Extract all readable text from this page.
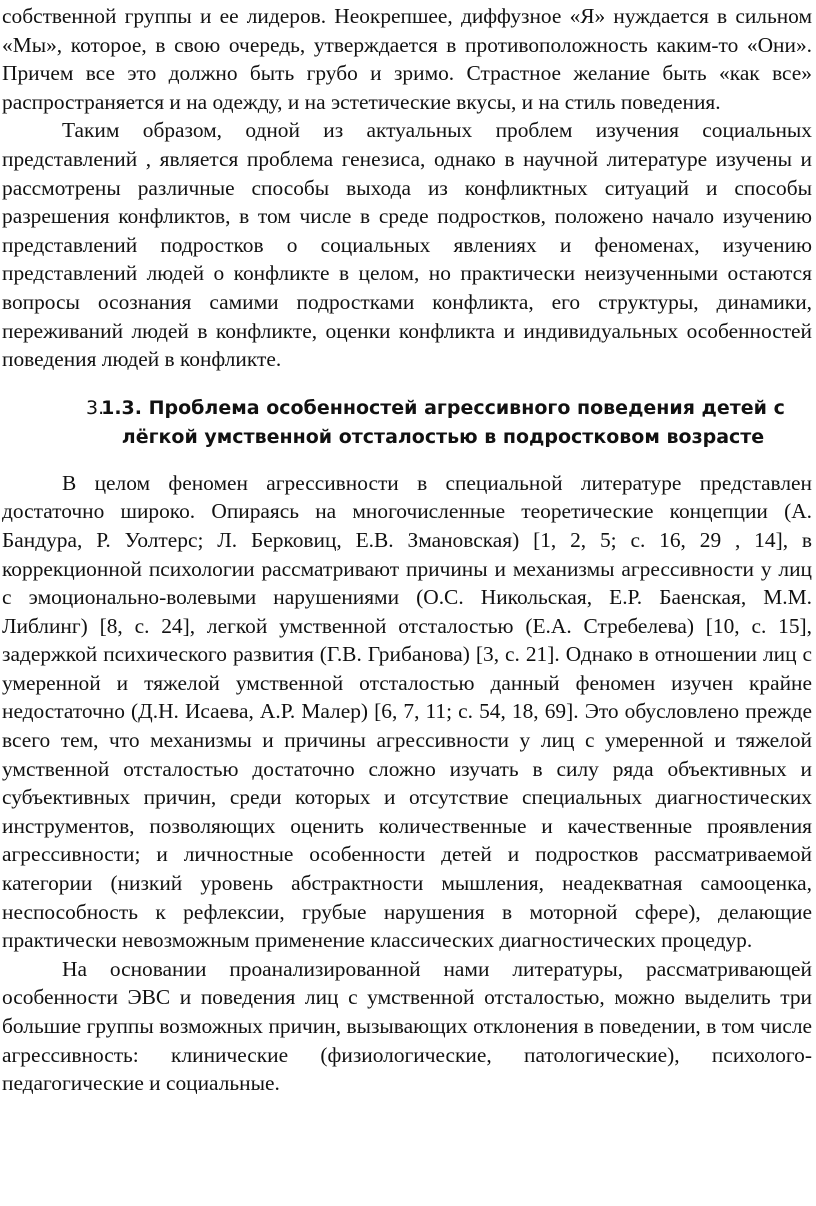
собственной группы и ее лидеров. Неокрепшее, диффузное «Я» нуждается в сильном «Мы», которое, в свою очередь, утверждается в противоположность каким-то «Они». Причем все это должно быть грубо и зримо. Страстное желание быть «как все» распространяется и на одежду, и на эстетические вкусы, и на стиль поведения.

Таким образом, одной из актуальных проблем изучения социальных представлений , является проблема генезиса, однако в научной литературе изучены и рассмотрены различные способы выхода из конфликтных ситуаций и способы разрешения конфликтов, в том числе в среде подростков, положено начало изучению представлений подростков о социальных явлениях и феноменах, изучению представлений людей о конфликте в целом, но практически неизученными остаются вопросы осознания самими подростками конфликта, его структуры, динамики, переживаний людей в конфликте, оценки конфликта и индивидуальных особенностей поведения людей в конфликте.

3.
1.3. Проблема особенностей агрессивного поведения детей с лёгкой умственной отсталостью в подростковом возрасте

В целом феномен агрессивности в специальной литературе представлен достаточно широко. Опираясь на многочисленные теоретические концепции (А. Бандура, Р. Уолтерс; Л. Берковиц, Е.В. Змановская) [1, 2, 5; с. 16, 29 , 14], в коррекционной психологии рассматривают причины и механизмы агрессивности у лиц с эмоционально-волевыми нарушениями (О.С. Никольская, Е.Р. Баенская, М.М. Либлинг) [8, с. 24], легкой умственной отсталостью (Е.А. Стребелева) [10, с. 15], задержкой психического развития (Г.В. Грибанова) [3, с. 21]. Однако в отношении лиц с умеренной и тяжелой умственной отсталостью данный феномен изучен крайне недостаточно (Д.Н. Исаева, А.Р. Малер) [6, 7, 11; с. 54, 18, 69]. Это обусловлено прежде всего тем, что механизмы и причины агрессивности у лиц с умеренной и тяжелой умственной отсталостью достаточно сложно изучать в силу ряда объективных и субъективных причин, среди которых и отсутствие специальных диагностических инструментов, позволяющих оценить количественные и качественные проявления агрессивности; и личностные особенности детей и подростков рассматриваемой категории (низкий уровень абстрактности мышления, неадекватная самооценка, неспособность к рефлексии, грубые нарушения в моторной сфере), делающие практически невозможным применение классических диагностических процедур.

На основании проанализированной нами литературы, рассматривающей особенности ЭВС и поведения лиц с умственной отсталостью, можно выделить три большие группы возможных причин, вызывающих отклонения в поведении, в том числе агрессивность: клинические (физиологические, патологические), психолого-педагогические и социальные.
